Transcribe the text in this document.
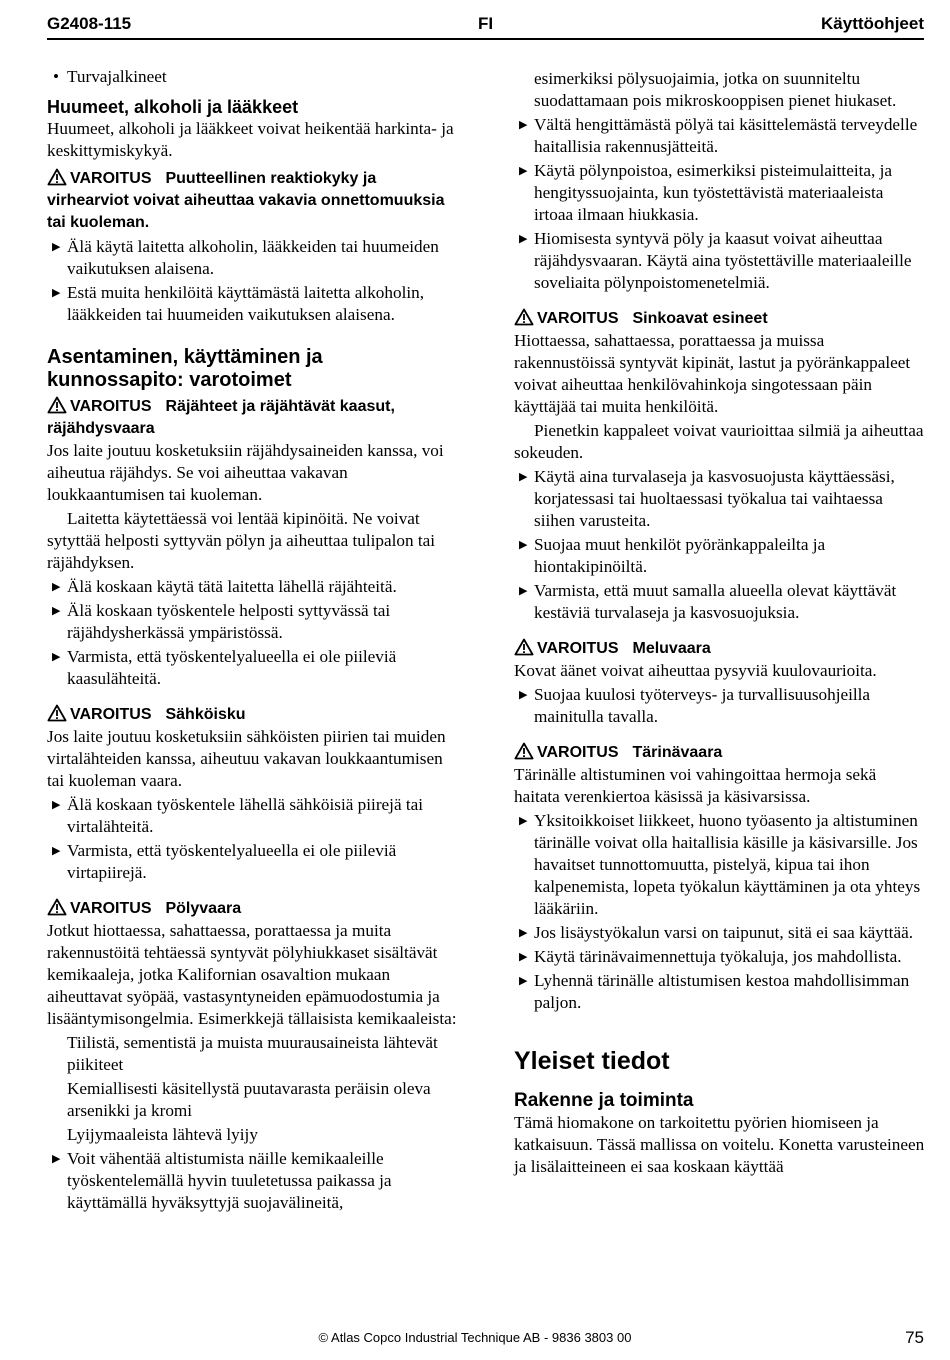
G2408-115	FI	Käyttöohjeet

• Turvajalkineet

Huumeet, alkoholi ja lääkkeet

Huumeet, alkoholi ja lääkkeet voivat heikentää harkinta- ja keskittymiskykyä.

VAROITUS Puutteellinen reaktiokyky ja virhearviot voivat aiheuttaa vakavia onnettomuuksia tai kuoleman.

▶ Älä käytä laitetta alkoholin, lääkkeiden tai huumeiden vaikutuksen alaisena.

▶ Estä muita henkilöitä käyttämästä laitetta alkoholin, lääkkeiden tai huumeiden vaikutuksen alaisena.

Asentaminen, käyttäminen ja kunnossapito: varotoimet

VAROITUS Räjähteet ja räjähtävät kaasut, räjähdysvaara

Jos laite joutuu kosketuksiin räjähdysaineiden kanssa, voi aiheutua räjähdys. Se voi aiheuttaa vakavan loukkaantumisen tai kuoleman.

Laitetta käytettäessä voi lentää kipinöitä. Ne voivat sytyttää helposti syttyvän pölyn ja aiheuttaa tulipalon tai räjähdyksen.

▶ Älä koskaan käytä tätä laitetta lähellä räjähteitä.

▶ Älä koskaan työskentele helposti syttyvässä tai räjähdysherkässä ympäristössä.

▶ Varmista, että työskentelyalueella ei ole piileviä kaasulähteitä.

VAROITUS Sähköisku

Jos laite joutuu kosketuksiin sähköisten piirien tai muiden virtalähteiden kanssa, aiheutuu vakavan loukkaantumisen tai kuoleman vaara.

▶ Älä koskaan työskentele lähellä sähköisiä piirejä tai virtalähteitä.

▶ Varmista, että työskentelyalueella ei ole piileviä virtapiirejä.

VAROITUS Pölyvaara

Jotkut hiottaessa, sahattaessa, porattaessa ja muita rakennustöitä tehtäessä syntyvät pölyhiukkaset sisältävät kemikaaleja, jotka Kalifornian osavaltion mukaan aiheuttavat syöpää, vastasyntyneiden epämuodostumia ja lisääntymisongelmia. Esimerkkejä tällaisista kemikaaleista:

Tiilistä, sementistä ja muista muurausaineista lähtevät piikiteet

Kemiallisesti käsitellystä puutavarasta peräisin oleva arsenikki ja kromi

Lyijymaaleista lähtevä lyijy

▶ Voit vähentää altistumista näille kemikaaleille työskentelemällä hyvin tuuletetussa paikassa ja käyttämällä hyväksyttyjä suojavälineitä,

esimerkiksi pölysuojaimia, jotka on suunniteltu suodattamaan pois mikroskooppisen pienet hiukaset.

▶ Vältä hengittämästä pölyä tai käsittelemästä terveydelle haitallisia rakennusjätteitä.

▶ Käytä pölynpoistoa, esimerkiksi pisteimulaitteita, ja hengityssuojainta, kun työstettävistä materiaaleista irtoaa ilmaan hiukkasia.

▶ Hiomisesta syntyvä pöly ja kaasut voivat aiheuttaa räjähdysvaaran. Käytä aina työstettäville materiaaleille soveliaita pölynpoistomenetelmiä.

VAROITUS Sinkoavat esineet

Hiottaessa, sahattaessa, porattaessa ja muissa rakennustöissä syntyvät kipinät, lastut ja pyöränkappaleet voivat aiheuttaa henkilövahinkoja singotessaan päin käyttäjää tai muita henkilöitä.

Pienetkin kappaleet voivat vaurioittaa silmiä ja aiheuttaa sokeuden.

▶ Käytä aina turvalaseja ja kasvosuojusta käyttäessäsi, korjatessasi tai huoltaessasi työkalua tai vaihtaessa siihen varusteita.

▶ Suojaa muut henkilöt pyöränkappaleilta ja hiontakipinöiltä.

▶ Varmista, että muut samalla alueella olevat käyttävät kestäviä turvalaseja ja kasvosuojuksia.

VAROITUS Meluvaara

Kovat äänet voivat aiheuttaa pysyviä kuulovaurioita.

▶ Suojaa kuulosi työterveys- ja turvallisuusohjeilla mainitulla tavalla.

VAROITUS Tärinävaara

Tärinälle altistuminen voi vahingoittaa hermoja sekä haitata verenkiertoa käsissä ja käsivarsissa.

▶ Yksitoikkoiset liikkeet, huono työasento ja altistuminen tärinälle voivat olla haitallisia käsille ja käsivarsille. Jos havaitset tunnottomuutta, pistelyä, kipua tai ihon kalpenemista, lopeta työkalun käyttäminen ja ota yhteys lääkäriin.

▶ Jos lisäystyökalun varsi on taipunut, sitä ei saa käyttää.

▶ Käytä tärinävaimennettuja työkaluja, jos mahdollista.

▶ Lyhennä tärinälle altistumisen kestoa mahdollisimman paljon.

Yleiset tiedot

Rakenne ja toiminta

Tämä hiomakone on tarkoitettu pyörien hiomiseen ja katkaisuun. Tässä mallissa on voitelu. Konetta varusteineen ja lisälaitteineen ei saa koskaan käyttää

© Atlas Copco Industrial Technique AB - 9836 3803 00	75
